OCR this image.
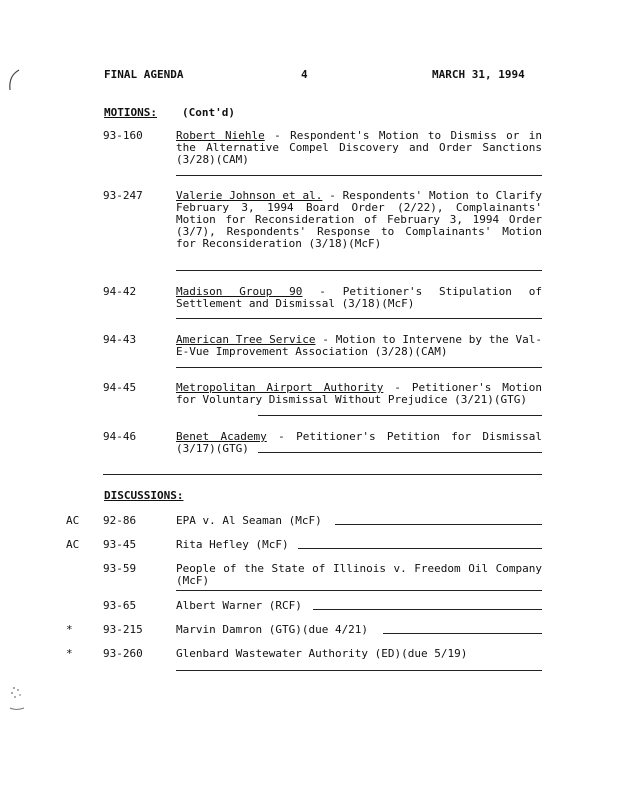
FINAL AGENDA	4	MARCH 31, 1994
MOTIONS: (Cont'd)
93-160	Robert Niehle - Respondent's Motion to Dismiss or in the Alternative Compel Discovery and Order Sanctions (3/28)(CAM)
93-247	Valerie Johnson et al. - Respondents' Motion to Clarify February 3, 1994 Board Order (2/22), Complainants' Motion for Reconsideration of February 3, 1994 Order (3/7), Respondents' Response to Complainants' Motion for Reconsideration (3/18)(McF)
94-42	Madison Group 90 - Petitioner's Stipulation of Settlement and Dismissal (3/18)(McF)
94-43	American Tree Service - Motion to Intervene by the Val-E-Vue Improvement Association (3/28)(CAM)
94-45	Metropolitan Airport Authority - Petitioner's Motion for Voluntary Dismissal Without Prejudice (3/21)(GTG)
94-46	Benet Academy - Petitioner's Petition for Dismissal (3/17)(GTG)
DISCUSSIONS:
AC 92-86	EPA v. Al Seaman (McF)
AC 93-45	Rita Hefley (McF)
93-59	People of the State of Illinois v. Freedom Oil Company (McF)
93-65	Albert Warner (RCF)
*	93-215	Marvin Damron (GTG)(due 4/21)
*	93-260	Glenbard Wastewater Authority (ED)(due 5/19)
